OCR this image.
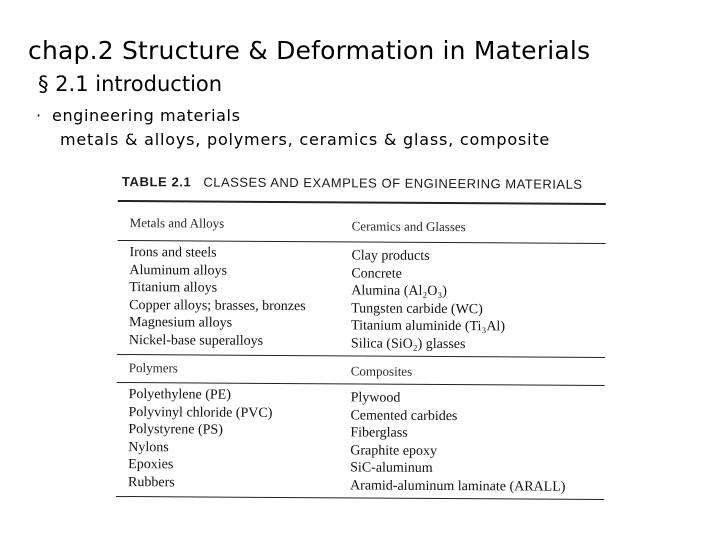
chap.2 Structure & Deformation in Materials
§ 2.1 introduction
· engineering materials
metals & alloys, polymers, ceramics & glass, composite
TABLE 2.1 CLASSES AND EXAMPLES OF ENGINEERING MATERIALS
Metals and Alloys	Ceramics and Glasses
Irons and steels
Aluminum alloys
Titanium alloys
Copper alloys; brasses, bronzes
Magnesium alloys
Nickel-base superalloys
Clay products
Concrete
Alumina (Al₂O₃)
Tungsten carbide (WC)
Titanium aluminide (Ti₃Al)
Silica (SiO₂) glasses
Polymers	Composites
Polyethylene (PE)
Polyvinyl chloride (PVC)
Polystyrene (PS)
Nylons
Epoxies
Rubbers
Plywood
Cemented carbides
Fiberglass
Graphite epoxy
SiC-aluminum
Aramid-aluminum laminate (ARALL)
